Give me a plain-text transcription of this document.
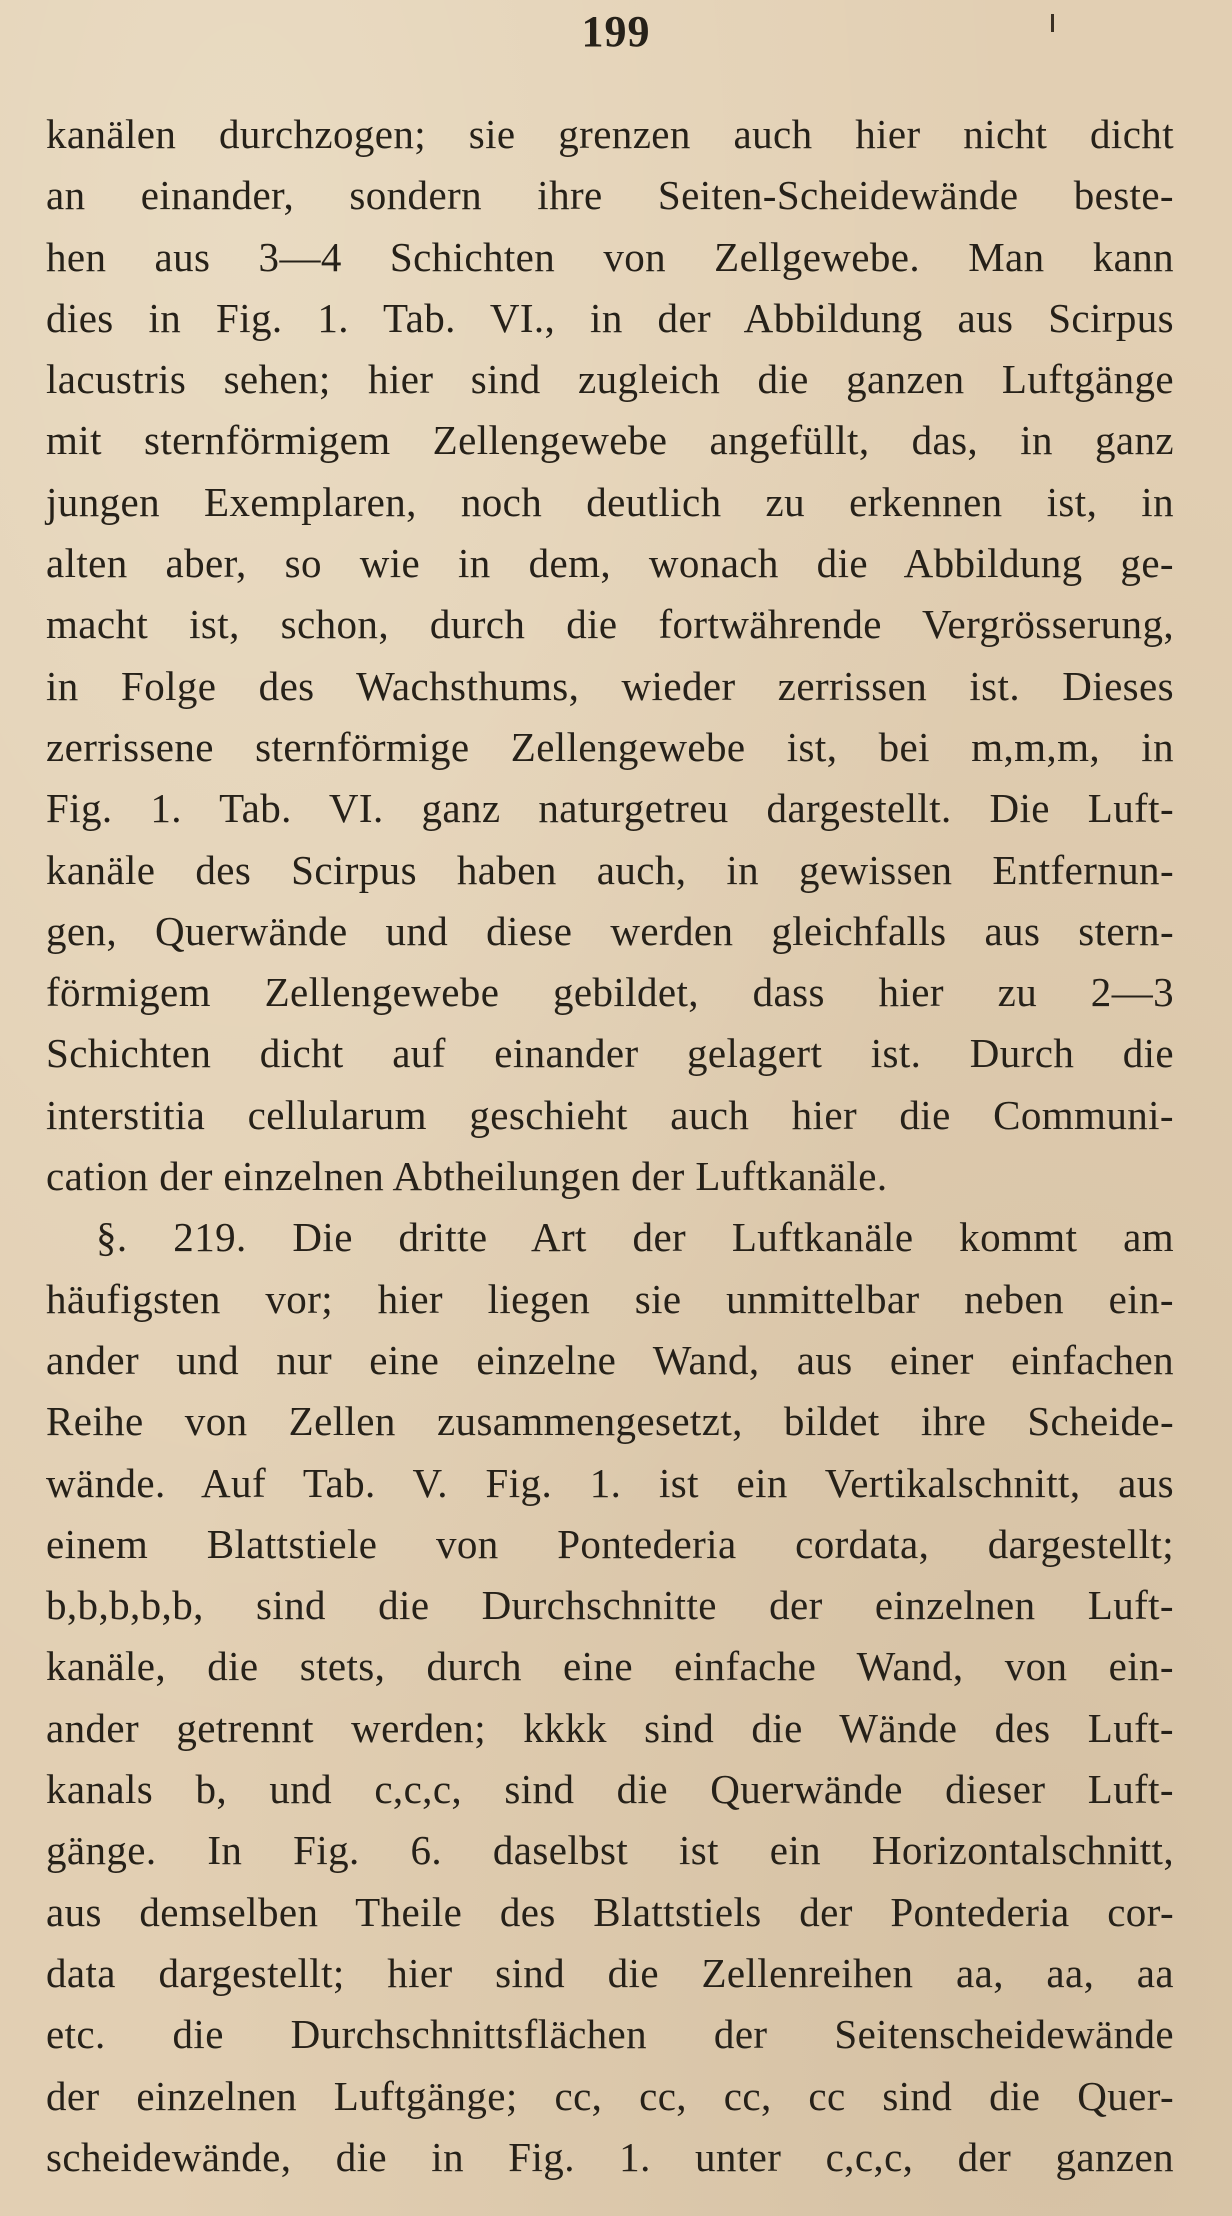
199
kanälen durchzogen; sie grenzen auch hier nicht dicht
an einander, sondern ihre Seiten-Scheidewände beste-
hen aus 3—4 Schichten von Zellgewebe. Man kann
dies in Fig. 1. Tab. VI., in der Abbildung aus Scirpus
lacustris sehen; hier sind zugleich die ganzen Luftgänge
mit sternförmigem Zellengewebe angefüllt, das, in ganz
jungen Exemplaren, noch deutlich zu erkennen ist, in
alten aber, so wie in dem, wonach die Abbildung ge-
macht ist, schon, durch die fortwährende Vergrösserung,
in Folge des Wachsthums, wieder zerrissen ist. Dieses
zerrissene sternförmige Zellengewebe ist, bei m,m,m, in
Fig. 1. Tab. VI. ganz naturgetreu dargestellt. Die Luft-
kanäle des Scirpus haben auch, in gewissen Entfernun-
gen, Querwände und diese werden gleichfalls aus stern-
förmigem Zellengewebe gebildet, dass hier zu 2—3
Schichten dicht auf einander gelagert ist. Durch die
interstitia cellularum geschieht auch hier die Communi-
cation der einzelnen Abtheilungen der Luftkanäle.
§. 219. Die dritte Art der Luftkanäle kommt am
häufigsten vor; hier liegen sie unmittelbar neben ein-
ander und nur eine einzelne Wand, aus einer einfachen
Reihe von Zellen zusammengesetzt, bildet ihre Scheide-
wände. Auf Tab. V. Fig. 1. ist ein Vertikalschnitt, aus
einem Blattstiele von Pontederia cordata, dargestellt;
b,b,b,b,b, sind die Durchschnitte der einzelnen Luft-
kanäle, die stets, durch eine einfache Wand, von ein-
ander getrennt werden; kkkk sind die Wände des Luft-
kanals b, und c,c,c, sind die Querwände dieser Luft-
gänge. In Fig. 6. daselbst ist ein Horizontalschnitt,
aus demselben Theile des Blattstiels der Pontederia cor-
data dargestellt; hier sind die Zellenreihen aa, aa, aa
etc. die Durchschnittsflächen der Seitenscheidewände
der einzelnen Luftgänge; cc, cc, cc, cc sind die Quer-
scheidewände, die in Fig. 1. unter c,c,c, der ganzen
